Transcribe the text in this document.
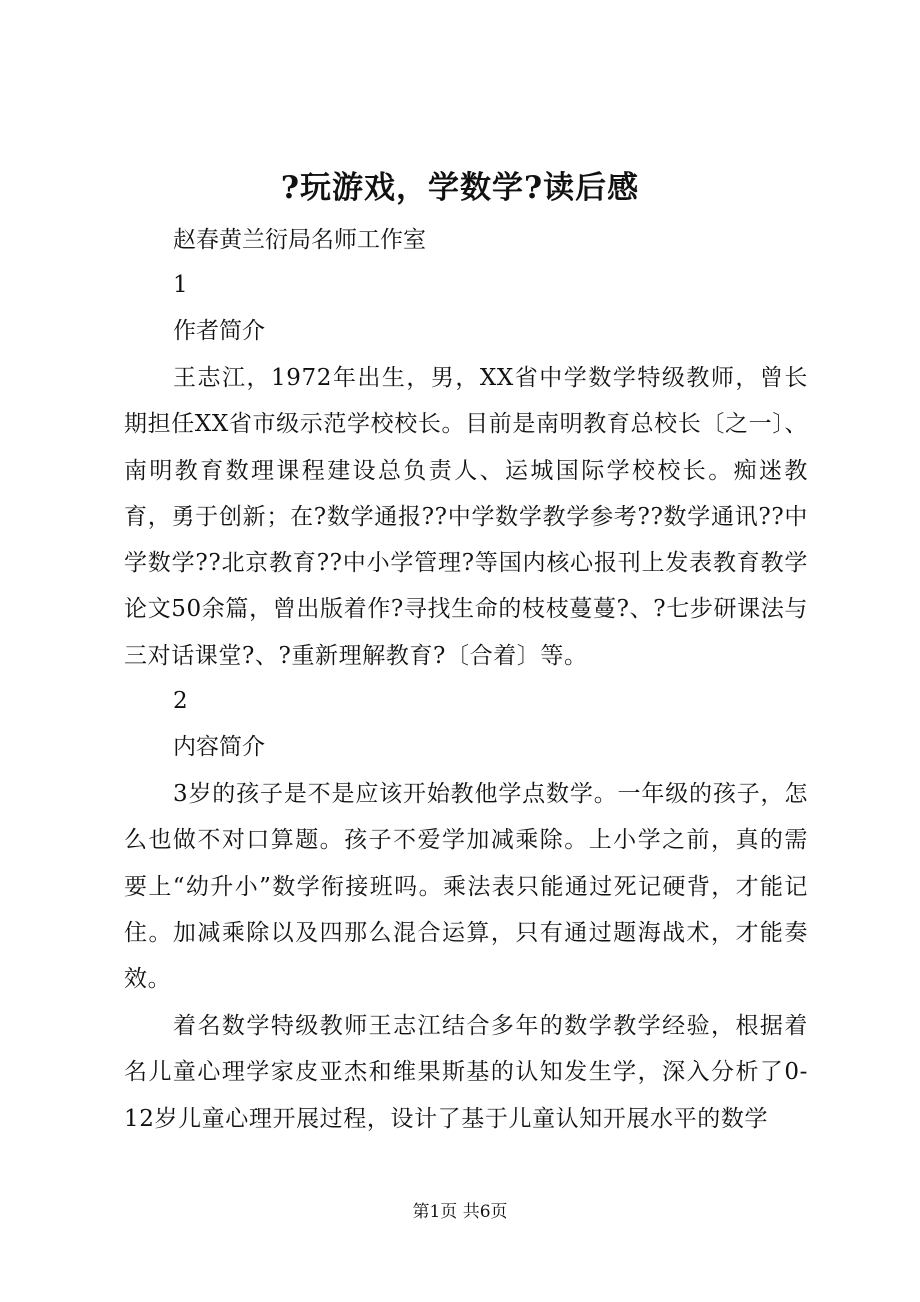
?玩游戏，学数学?读后感
赵春黄兰衍局名师工作室
1
作者简介
王志江，1972年出生，男，XX省中学数学特级教师，曾长期担任XX省市级示范学校校长。目前是南明教育总校长〔之一〕、南明教育数理课程建设总负责人、运城国际学校校长。痴迷教育，勇于创新；在?数学通报??中学数学教学参考??数学通讯??中学数学??北京教育??中小学管理?等国内核心报刊上发表教育教学论文50余篇，曾出版着作?寻找生命的枝枝蔓蔓?、?七步研课法与三对话课堂?、?重新理解教育?〔合着〕等。
2
内容简介
3岁的孩子是不是应该开始教他学点数学。一年级的孩子，怎么也做不对口算题。孩子不爱学加减乘除。上小学之前，真的需要上“幼升小”数学衔接班吗。乘法表只能通过死记硬背，才能记住。加减乘除以及四那么混合运算，只有通过题海战术，才能奏效。
着名数学特级教师王志江结合多年的数学教学经验，根据着名儿童心理学家皮亚杰和维果斯基的认知发生学，深入分析了0-12岁儿童心理开展过程，设计了基于儿童认知开展水平的数学
第1页 共6页
